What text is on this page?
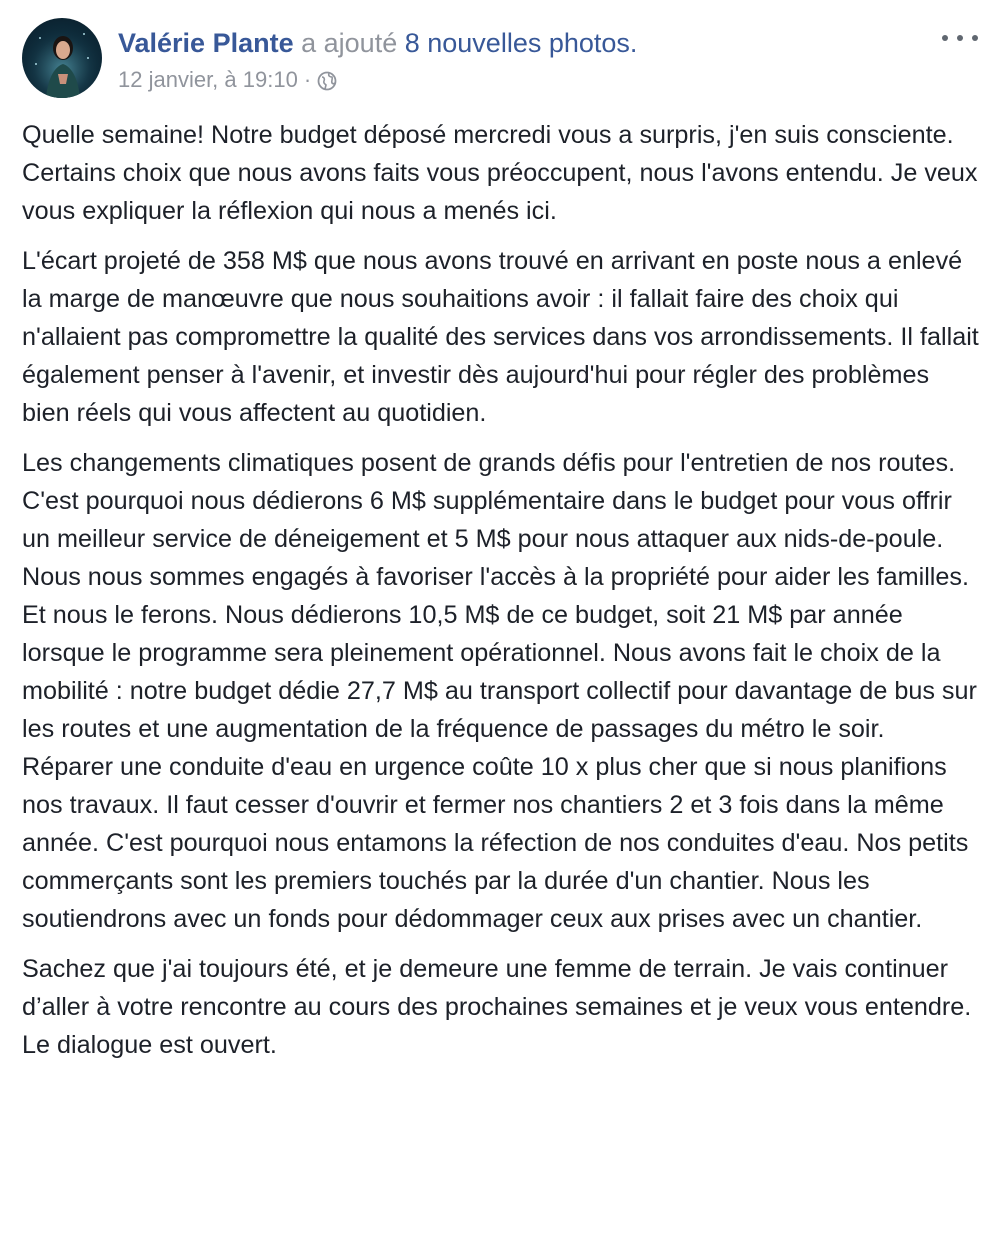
Valérie Plante a ajouté 8 nouvelles photos.
12 janvier, à 19:10 ·

Quelle semaine! Notre budget déposé mercredi vous a surpris, j'en suis consciente. Certains choix que nous avons faits vous préoccupent, nous l'avons entendu. Je veux vous expliquer la réflexion qui nous a menés ici.

L'écart projeté de 358 M$ que nous avons trouvé en arrivant en poste nous a enlevé la marge de manœuvre que nous souhaitions avoir : il fallait faire des choix qui n'allaient pas compromettre la qualité des services dans vos arrondissements. Il fallait également penser à l'avenir, et investir dès aujourd'hui pour régler des problèmes bien réels qui vous affectent au quotidien.

Les changements climatiques posent de grands défis pour l'entretien de nos routes. C'est pourquoi nous dédierons 6 M$ supplémentaire dans le budget pour vous offrir un meilleur service de déneigement et 5 M$ pour nous attaquer aux nids-de-poule. Nous nous sommes engagés à favoriser l'accès à la propriété pour aider les familles. Et nous le ferons. Nous dédierons 10,5 M$ de ce budget, soit 21 M$ par année lorsque le programme sera pleinement opérationnel. Nous avons fait le choix de la mobilité : notre budget dédie 27,7 M$ au transport collectif pour davantage de bus sur les routes et une augmentation de la fréquence de passages du métro le soir. Réparer une conduite d'eau en urgence coûte 10 x plus cher que si nous planifions nos travaux. Il faut cesser d'ouvrir et fermer nos chantiers 2 et 3 fois dans la même année. C'est pourquoi nous entamons la réfection de nos conduites d'eau. Nos petits commerçants sont les premiers touchés par la durée d'un chantier. Nous les soutiendrons avec un fonds pour dédommager ceux aux prises avec un chantier.

Sachez que j'ai toujours été, et je demeure une femme de terrain. Je vais continuer d’aller à votre rencontre au cours des prochaines semaines et je veux vous entendre. Le dialogue est ouvert.
